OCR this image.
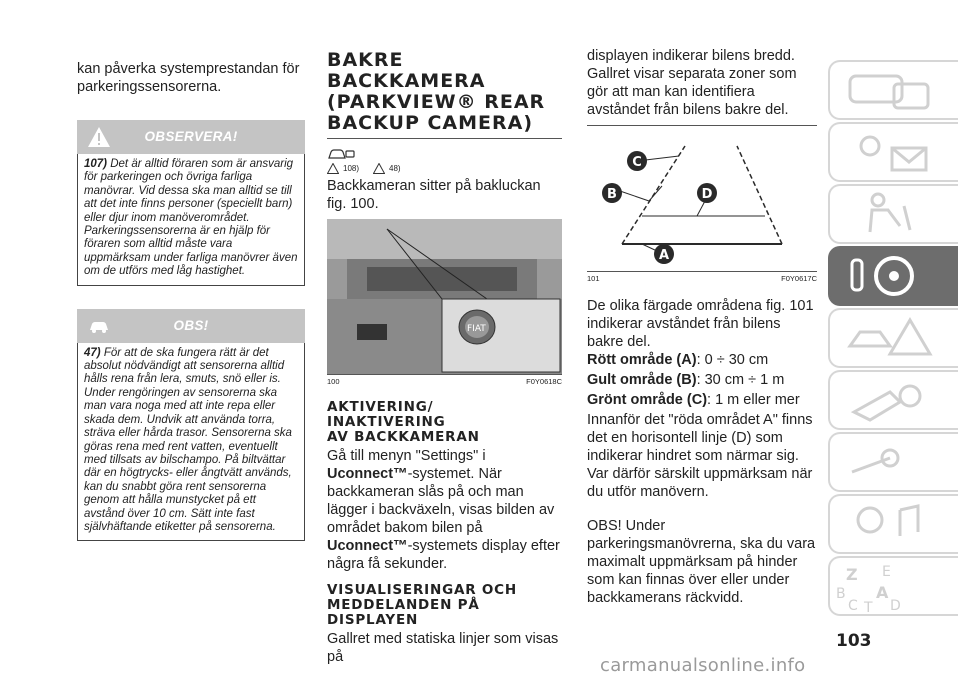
kan påverka systemprestandan för parkeringssensorerna.
OBSERVERA!
107) Det är alltid föraren som är ansvarig för parkeringen och övriga farliga manövrar. Vid dessa ska man alltid se till att det inte finns personer (speciellt barn) eller djur inom manöverområdet. Parkeringssensorerna är en hjälp för föraren som alltid måste vara uppmärksam under farliga manövrer även om de utförs med låg hastighet.
OBS!
47) För att de ska fungera rätt är det absolut nödvändigt att sensorerna alltid hålls rena från lera, smuts, snö eller is. Under rengöringen av sensorerna ska man vara noga med att inte repa eller skada dem. Undvik att använda torra, sträva eller hårda trasor. Sensorerna ska göras rena med rent vatten, eventuellt med tillsats av bilschampo. På biltvättar där en högtrycks- eller ångtvätt används, kan du snabbt göra rent sensorerna genom att hålla munstycket på ett avstånd över 10 cm. Sätt inte fast självhäftande etiketter på sensorerna.
BAKRE
BACKKAMERA
(PARKVIEW® REAR
BACKUP CAMERA)
108)	48)
Backkameran sitter på bakluckan fig. 100.
FIAT
100	F0Y0618C
AKTIVERING/
INAKTIVERING
AV BACKKAMERAN
Gå till menyn "Settings" i Uconnect™-systemet. När backkameran slås på och man lägger i backväxeln, visas bilden av området bakom bilen på Uconnect™-systemets display efter några få sekunder.
VISUALISERINGAR OCH
MEDDELANDEN PÅ
DISPLAYEN
Gallret med statiska linjer som visas på
displayen indikerar bilens bredd. Gallret visar separata zoner som gör att man kan identifiera avståndet från bilens bakre del.
C
B	D
A
101	F0Y0617C
De olika färgade områdena fig. 101 indikerar avståndet från bilens bakre del.
Rött område (A): 0 ÷ 30 cm
Gult område (B): 30 cm ÷ 1 m
Grönt område (C): 1 m eller mer
Innanför det "röda området A" finns det en horisontell linje (D) som indikerar hindret som närmar sig. Var därför särskilt uppmärksam när du utför manövern.
OBS! Under parkeringsmanövrerna, ska du vara maximalt uppmärksam på hinder som kan finnas över eller under backkamerans räckvidd.
Z E
B A
C T D
103
carmanualsonline.info
